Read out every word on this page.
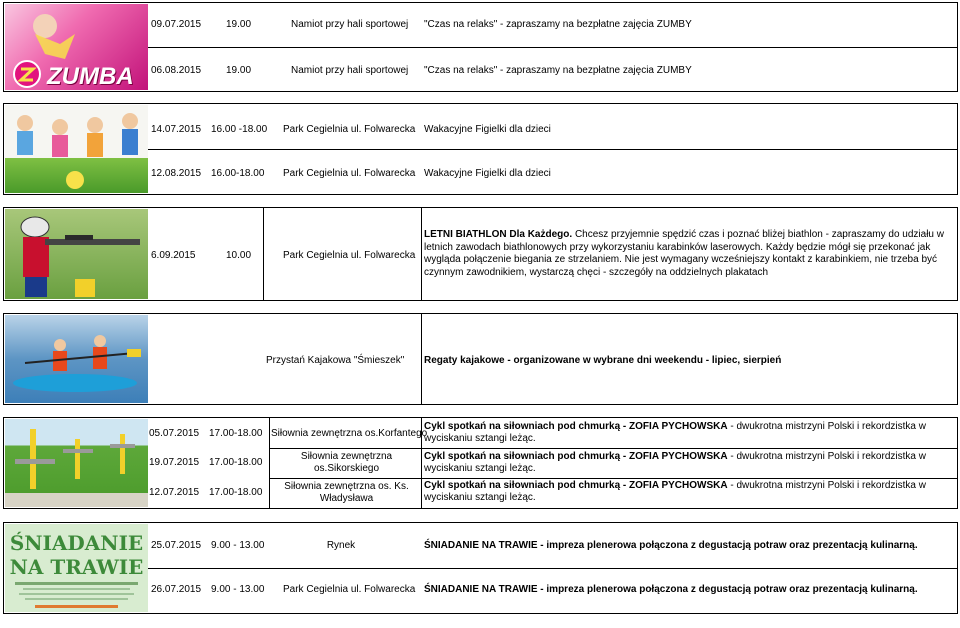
ZUMBA
09.07.2015 19.00	Namiot przy hali sportowej "Czas na relaks" - zapraszamy na bezpłatne zajęcia ZUMBY
06.08.2015 19.00	Namiot przy hali sportowej "Czas na relaks" - zapraszamy na bezpłatne zajęcia ZUMBY
14.07.2015 16.00 -18.00 Park Cegielnia ul. Folwarecka Wakacyjne Figielki dla dzieci
12.08.2015 16.00-18.00 Park Cegielnia ul. Folwarecka Wakacyjne Figielki dla dzieci
6.09.2015	10.00	Park Cegielnia ul. Folwarecka
LETNI BIATHLON Dla Każdego. Chcesz przyjemnie spędzić czas i poznać bliżej biathlon - zapraszamy do udziału w letnich zawodach biathlonowych przy wykorzystaniu karabinków laserowych. Każdy będzie mógł się przekonać jak wygląda połączenie biegania ze strzelaniem. Nie jest wymagany wcześniejszy kontakt z karabinkiem, nie trzeba być czynnym zawodnikiem, wystarczą chęci - szczegóły na oddzielnych plakatach
Przystań Kajakowa "Śmieszek" Regaty kajakowe - organizowane w wybrane dni weekendu - lipiec, sierpień
05.07.2015 17.00-18.00 Siłownia zewnętrzna os.Korfantego
Cykl spotkań na siłowniach pod chmurką - ZOFIA PYCHOWSKA - dwukrotna mistrzyni Polski i rekordzistka w wyciskaniu sztangi leżąc.
19.07.2015 17.00-18.00
Siłownia zewnętrzna os.Sikorskiego
Cykl spotkań na siłowniach pod chmurką - ZOFIA PYCHOWSKA - dwukrotna mistrzyni Polski i rekordzistka w wyciskaniu sztangi leżąc.
12.07.2015 17.00-18.00
Siłownia zewnętrzna os. Ks. Władysława
Cykl spotkań na siłowniach pod chmurką - ZOFIA PYCHOWSKA - dwukrotna mistrzyni Polski i rekordzistka w wyciskaniu sztangi leżąc.
ŚNIADANIE
NA TRAWIE
25.07.2015 9.00 - 13.00	Rynek	ŚNIADANIE NA TRAWIE - impreza plenerowa połączona z degustacją potraw oraz prezentacją kulinarną.
26.07.2015 9.00 - 13.00 Park Cegielnia ul. Folwarecka ŚNIADANIE NA TRAWIE - impreza plenerowa połączona z degustacją potraw oraz prezentacją kulinarną.
